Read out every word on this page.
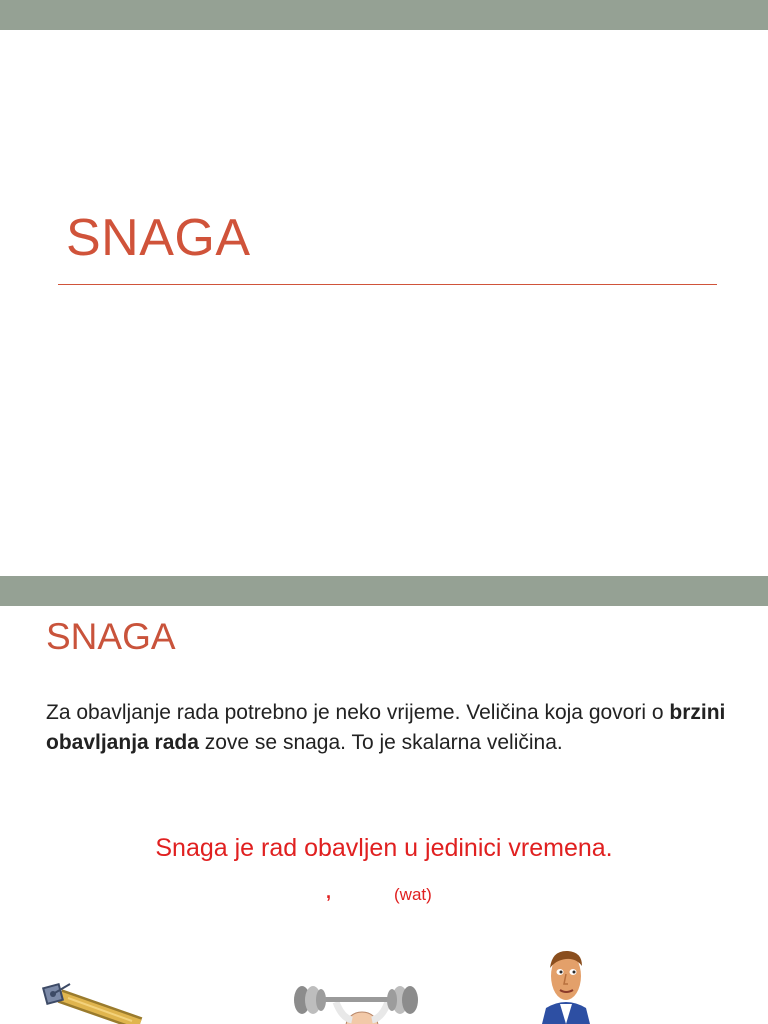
SNAGA
SNAGA

Za obavljanje rada potrebno je neko vrijeme. Veličina koja govori o brzini obavljanja rada zove se snaga. To je skalarna veličina.

Snaga je rad obavljen u jedinici vremena.

,	(wat)
